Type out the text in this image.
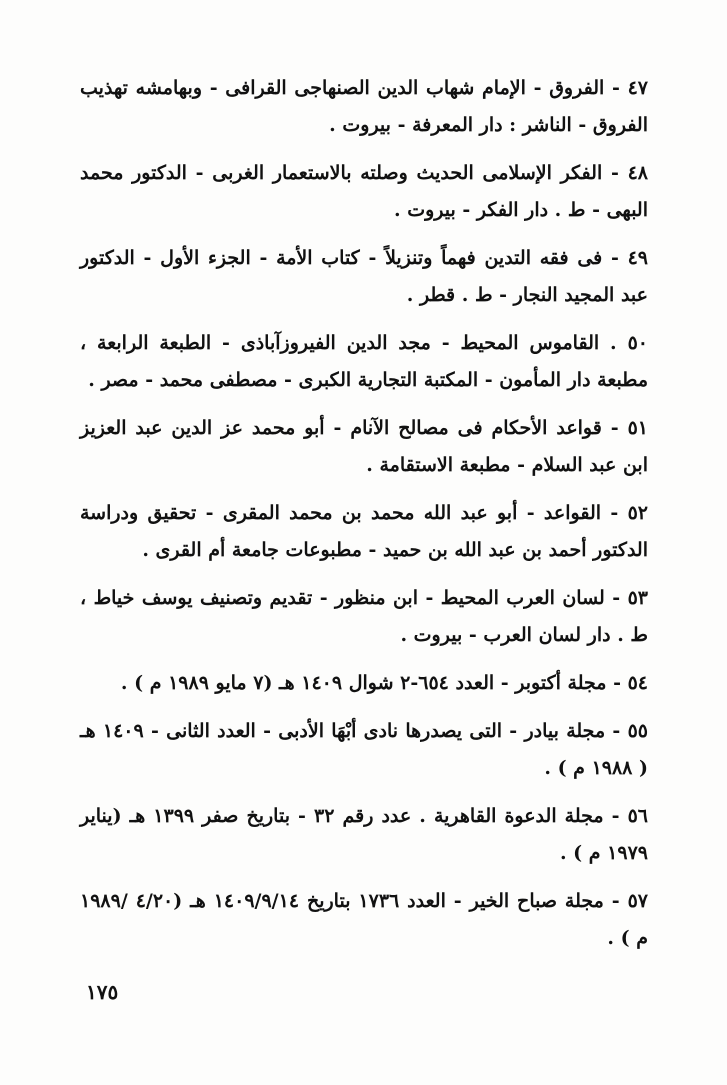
٤٧ - الفروق - الإمام شهاب الدين الصنهاجى القرافى - وبهامشه تهذيب الفروق - الناشر : دار المعرفة - بيروت .

٤٨ - الفكر الإسلامى الحديث وصلته بالاستعمار الغربى - الدكتور محمد البهى - ط . دار الفكر - بيروت .

٤٩ - فى فقه التدين فهماً وتنزيلاً - كتاب الأمة - الجزء الأول - الدكتور عبد المجيد النجار - ط . قطر .

٥٠ . القاموس المحيط - مجد الدين الفيروزآباذى - الطبعة الرابعة ، مطبعة دار المأمون - المكتبة التجارية الكبرى - مصطفى محمد - مصر .

٥١ - قواعد الأحكام فى مصالح الآنام - أبو محمد عز الدين عبد العزيز ابن عبد السلام - مطبعة الاستقامة .

٥٢ - القواعد - أبو عبد الله محمد بن محمد المقرى - تحقيق ودراسة الدكتور أحمد بن عبد الله بن حميد - مطبوعات جامعة أم القرى .

٥٣ - لسان العرب المحيط - ابن منظور - تقديم وتصنيف يوسف خياط ، ط . دار لسان العرب - بيروت .

٥٤ - مجلة أكتوبر - العدد ٦٥٤-٢ شوال ١٤٠٩ هـ (٧ مايو ١٩٨٩ م ) .

٥٥ - مجلة بيادر - التى يصدرها نادى أبْهَا الأدبى - العدد الثانى - ١٤٠٩ هـ ( ١٩٨٨ م ) .

٥٦ - مجلة الدعوة القاهرية . عدد رقم ٣٢ - بتاريخ صفر ١٣٩٩ هـ (يناير ١٩٧٩ م ) .

٥٧ - مجلة صباح الخير - العدد ١٧٣٦ بتاريخ ١٤٠٩/٩/١٤ هـ (٤/٢٠ /١٩٨٩ م ) .

١٧٥
